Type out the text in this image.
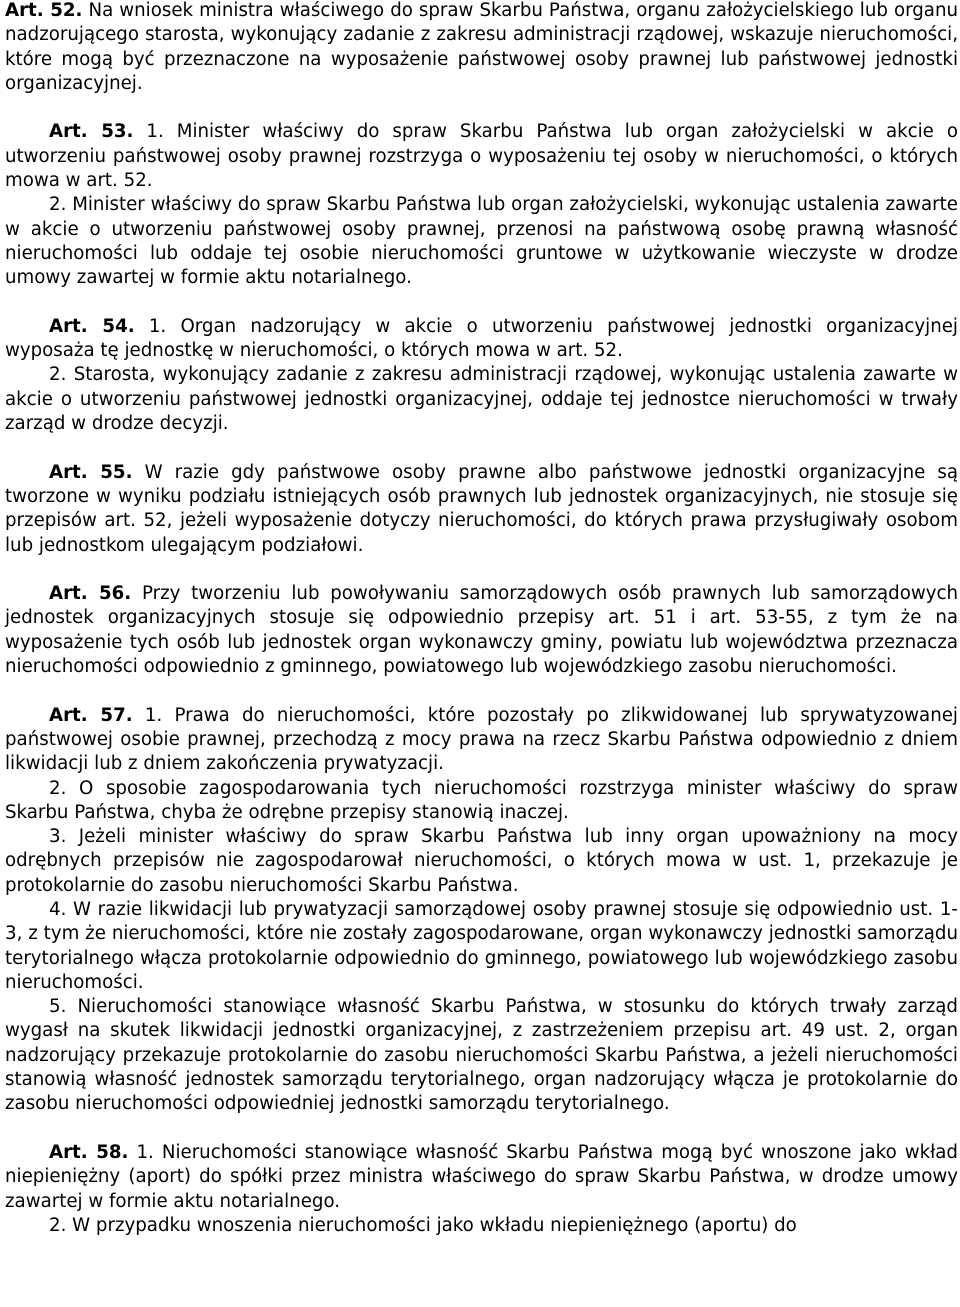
Art. 52. Na wniosek ministra właściwego do spraw Skarbu Państwa, organu założycielskiego lub organu nadzorującego starosta, wykonujący zadanie z zakresu administracji rządowej, wskazuje nieruchomości, które mogą być przeznaczone na wyposażenie państwowej osoby prawnej lub państwowej jednostki organizacyjnej.

Art. 53. 1. Minister właściwy do spraw Skarbu Państwa lub organ założycielski w akcie o utworzeniu państwowej osoby prawnej rozstrzyga o wyposażeniu tej osoby w nieruchomości, o których mowa w art. 52.

2. Minister właściwy do spraw Skarbu Państwa lub organ założycielski, wykonując ustalenia zawarte w akcie o utworzeniu państwowej osoby prawnej, przenosi na państwową osobę prawną własność nieruchomości lub oddaje tej osobie nieruchomości gruntowe w użytkowanie wieczyste w drodze umowy zawartej w formie aktu notarialnego.

Art. 54. 1. Organ nadzorujący w akcie o utworzeniu państwowej jednostki organizacyjnej wyposaża tę jednostkę w nieruchomości, o których mowa w art. 52.

2. Starosta, wykonujący zadanie z zakresu administracji rządowej, wykonując ustalenia zawarte w akcie o utworzeniu państwowej jednostki organizacyjnej, oddaje tej jednostce nieruchomości w trwały zarząd w drodze decyzji.

Art. 55. W razie gdy państwowe osoby prawne albo państwowe jednostki organizacyjne są tworzone w wyniku podziału istniejących osób prawnych lub jednostek organizacyjnych, nie stosuje się przepisów art. 52, jeżeli wyposażenie dotyczy nieruchomości, do których prawa przysługiwały osobom lub jednostkom ulegającym podziałowi.

Art. 56. Przy tworzeniu lub powoływaniu samorządowych osób prawnych lub samorządowych jednostek organizacyjnych stosuje się odpowiednio przepisy art. 51 i art. 53-55, z tym że na wyposażenie tych osób lub jednostek organ wykonawczy gminy, powiatu lub województwa przeznacza nieruchomości odpowiednio z gminnego, powiatowego lub wojewódzkiego zasobu nieruchomości.

Art. 57. 1. Prawa do nieruchomości, które pozostały po zlikwidowanej lub sprywatyzowanej państwowej osobie prawnej, przechodzą z mocy prawa na rzecz Skarbu Państwa odpowiednio z dniem likwidacji lub z dniem zakończenia prywatyzacji.

2. O sposobie zagospodarowania tych nieruchomości rozstrzyga minister właściwy do spraw Skarbu Państwa, chyba że odrębne przepisy stanowią inaczej.

3. Jeżeli minister właściwy do spraw Skarbu Państwa lub inny organ upoważniony na mocy odrębnych przepisów nie zagospodarował nieruchomości, o których mowa w ust. 1, przekazuje je protokolarnie do zasobu nieruchomości Skarbu Państwa.

4. W razie likwidacji lub prywatyzacji samorządowej osoby prawnej stosuje się odpowiednio ust. 1-3, z tym że nieruchomości, które nie zostały zagospodarowane, organ wykonawczy jednostki samorządu terytorialnego włącza protokolarnie odpowiednio do gminnego, powiatowego lub wojewódzkiego zasobu nieruchomości.

5. Nieruchomości stanowiące własność Skarbu Państwa, w stosunku do których trwały zarząd wygasł na skutek likwidacji jednostki organizacyjnej, z zastrzeżeniem przepisu art. 49 ust. 2, organ nadzorujący przekazuje protokolarnie do zasobu nieruchomości Skarbu Państwa, a jeżeli nieruchomości stanowią własność jednostek samorządu terytorialnego, organ nadzorujący włącza je protokolarnie do zasobu nieruchomości odpowiedniej jednostki samorządu terytorialnego.

Art. 58. 1. Nieruchomości stanowiące własność Skarbu Państwa mogą być wnoszone jako wkład niepieniężny (aport) do spółki przez ministra właściwego do spraw Skarbu Państwa, w drodze umowy zawartej w formie aktu notarialnego.

2. W przypadku wnoszenia nieruchomości jako wkładu niepieniężnego (aportu) do
